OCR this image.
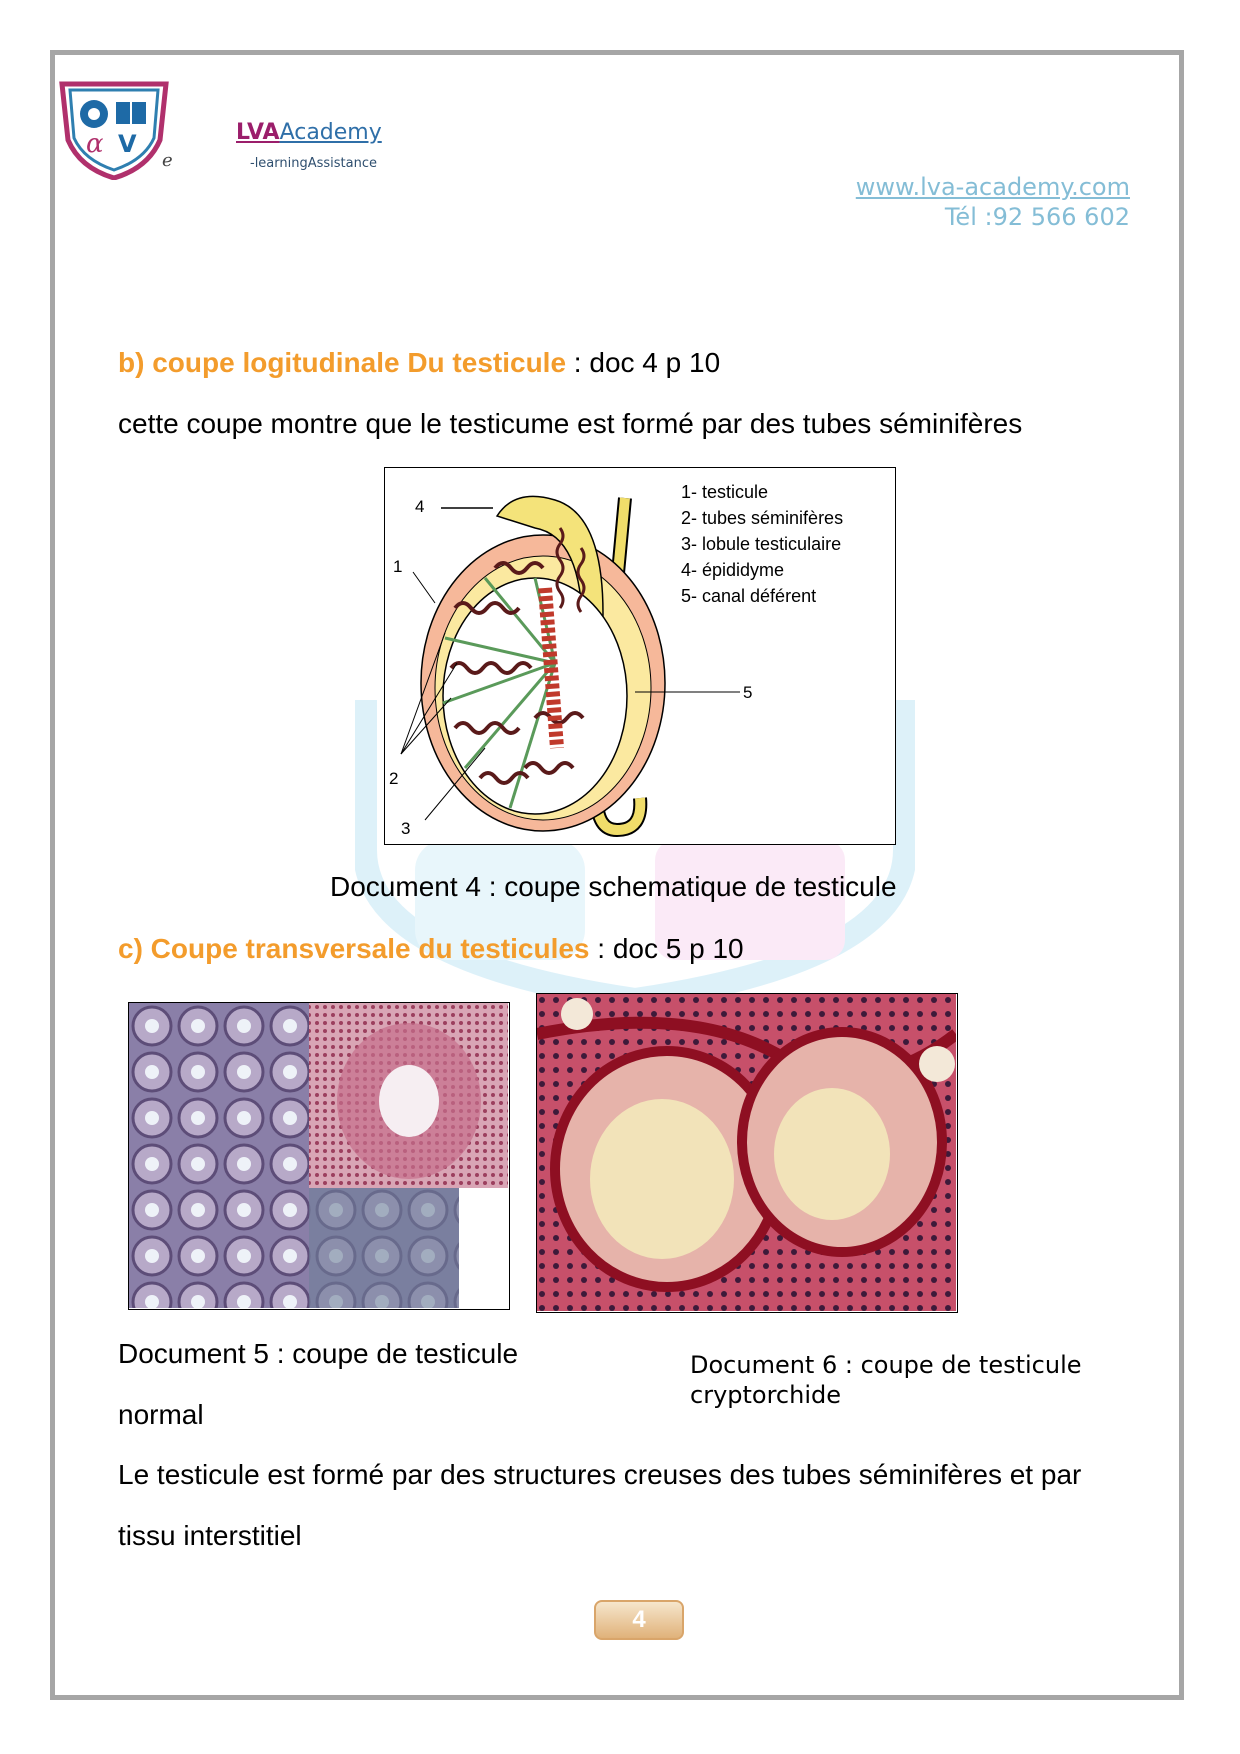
α V
e
LVAAcademy
-learningAssistance
www.lva-academy.com
Tél :92 566 602
b) coupe logitudinale Du testicule : doc 4 p 10
cette coupe montre que le testicume est formé par des tubes séminifères
4
1
2
3
5
1- testicule
2- tubes séminifères
3- lobule testiculaire
4- épididyme
5- canal déférent
Document 4 : coupe schematique de testicule
c) Coupe transversale du testicules : doc 5 p 10
Document 5 : coupe de testicule
normal
Document 6 : coupe de testicule cryptorchide
Le testicule est formé par des structures creuses des tubes séminifères et par
tissu interstitiel
4
